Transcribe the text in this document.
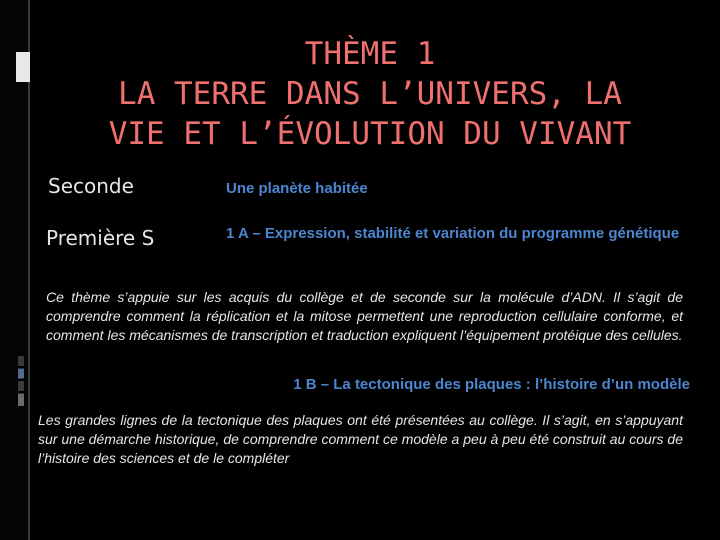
THÈME 1
LA TERRE DANS L’UNIVERS, LA
VIE ET L’ÉVOLUTION DU VIVANT
Seconde	Une planète habitée
Première S	1 A – Expression, stabilité et variation du programme génétique
Ce thème s’appuie sur les acquis du collège et de seconde sur la molécule d’ADN. Il s’agit de comprendre comment la réplication et la mitose permettent une reproduction cellulaire conforme, et comment les mécanismes de transcription et traduction expliquent l’équipement protéique des cellules.
1 B – La tectonique des plaques : l’histoire d’un modèle
Les grandes lignes de la tectonique des plaques ont été présentées au collège. Il s’agit, en s’appuyant sur une démarche historique, de comprendre comment ce modèle a peu à peu été construit au cours de l’histoire des sciences et de le compléter
